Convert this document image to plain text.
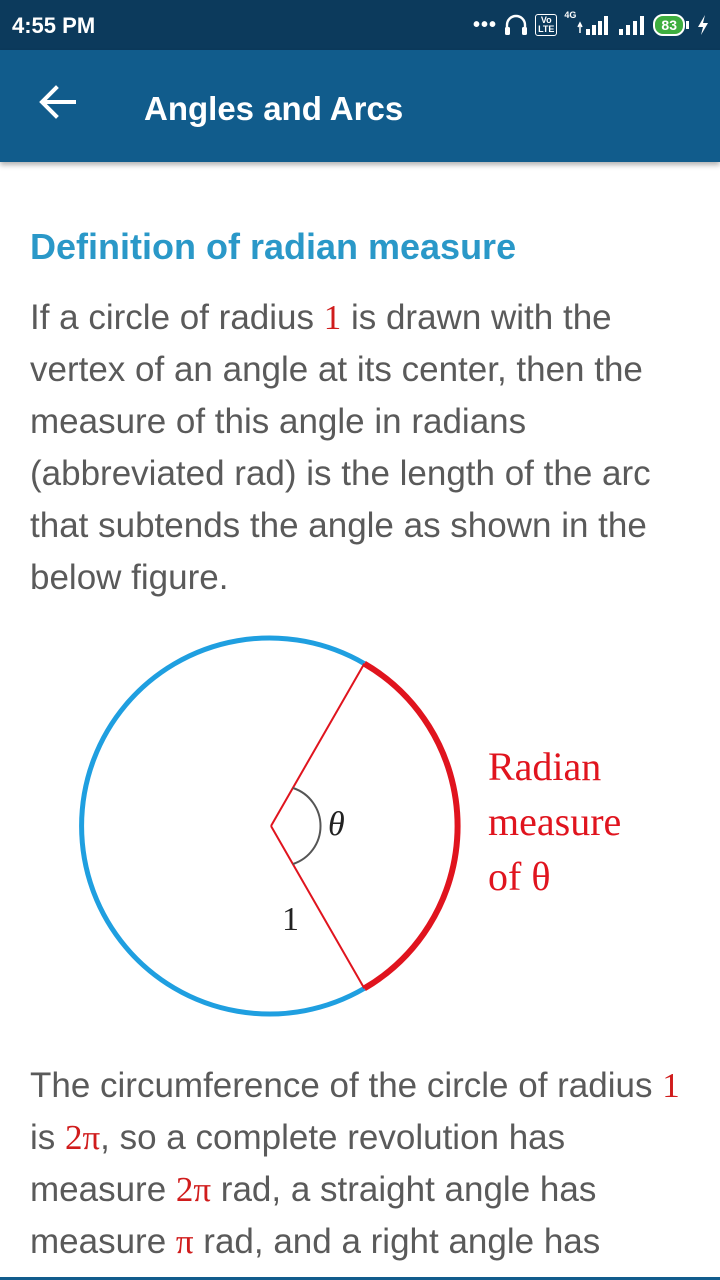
4:55 PM	•••	Vo
LTE
4G
83
Angles and Arcs
Definition of radian measure

If a circle of radius 1 is drawn with the vertex of an angle at its center, then the measure of this angle in radians (abbreviated rad) is the length of the arc that subtends the angle as shown in the below figure.

θ
1
Radian
measure
of θ

The circumference of the circle of radius 1 is 2π, so a complete revolution has measure 2π rad, a straight angle has measure π rad, and a right angle has
